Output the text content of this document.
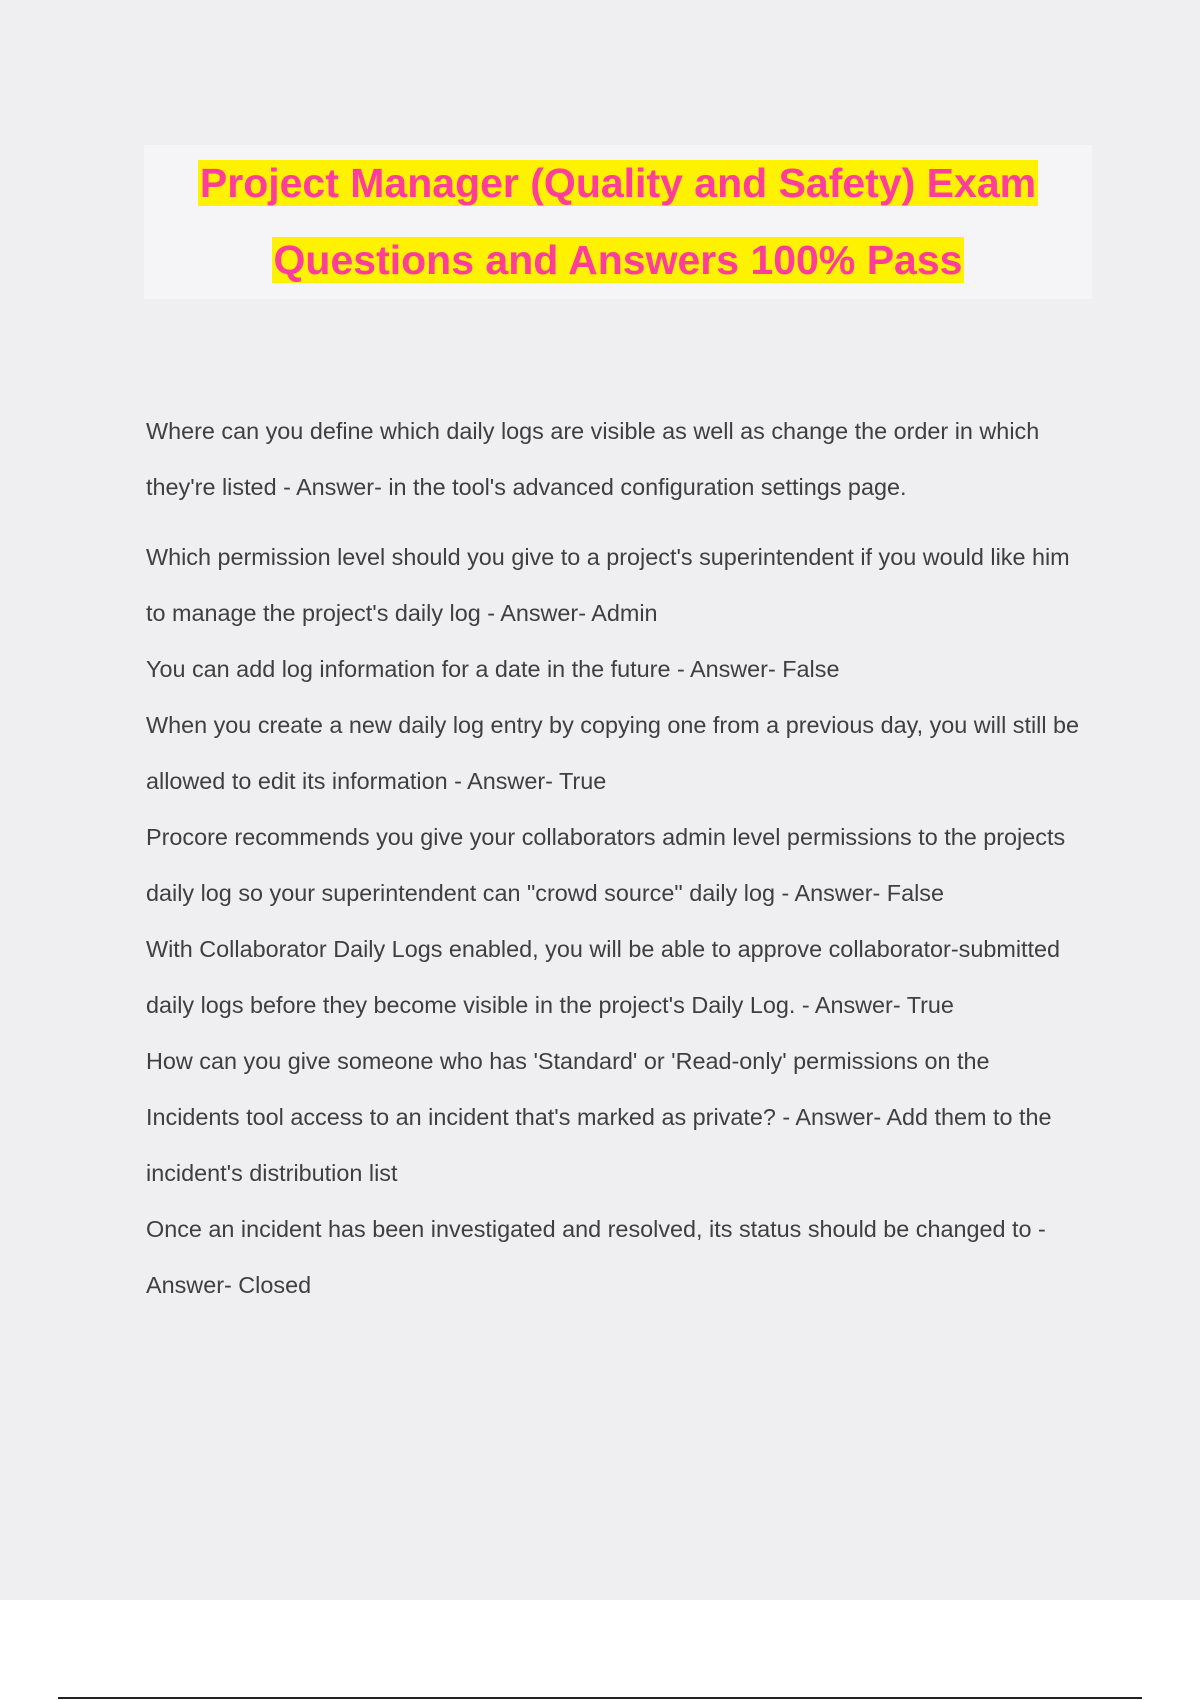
Project Manager (Quality and Safety) Exam
Questions and Answers 100% Pass

Where can you define which daily logs are visible as well as change the order in which they're listed - Answer- in the tool's advanced configuration settings page.

Which permission level should you give to a project's superintendent if you would like him to manage the project's daily log - Answer- Admin

You can add log information for a date in the future - Answer- False

When you create a new daily log entry by copying one from a previous day, you will still be allowed to edit its information - Answer- True

Procore recommends you give your collaborators admin level permissions to the projects daily log so your superintendent can "crowd source" daily log - Answer- False

With Collaborator Daily Logs enabled, you will be able to approve collaborator-submitted daily logs before they become visible in the project's Daily Log. - Answer- True

How can you give someone who has 'Standard' or 'Read-only' permissions on the Incidents tool access to an incident that's marked as private? - Answer- Add them to the incident's distribution list

Once an incident has been investigated and resolved, its status should be changed to - Answer- Closed
